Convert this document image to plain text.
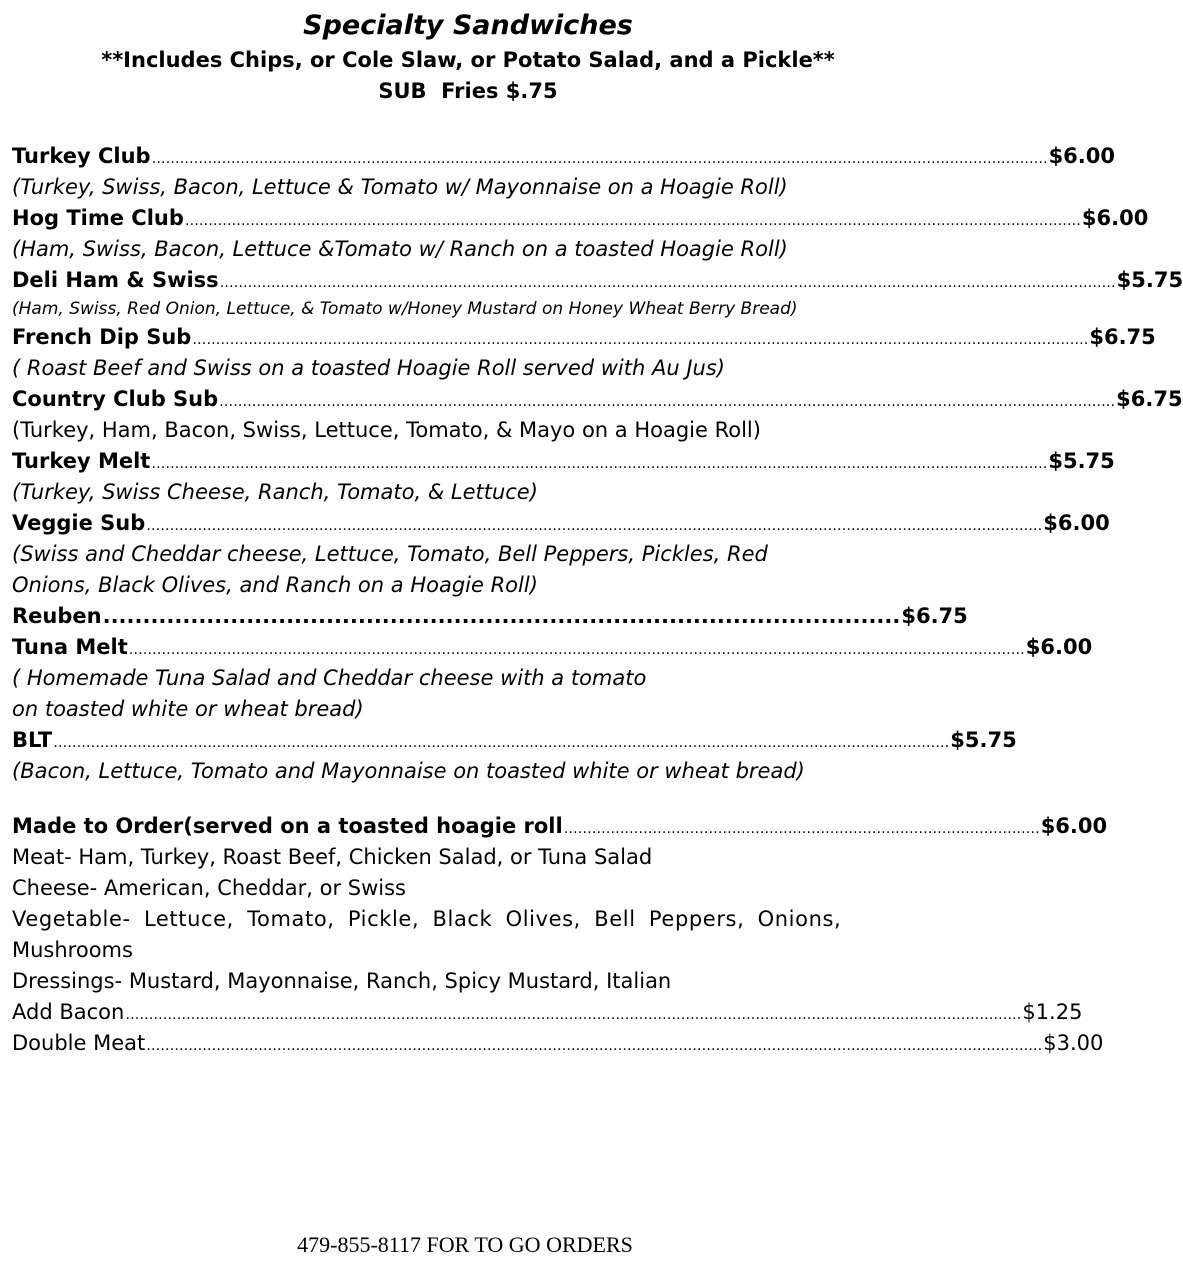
Specialty Sandwiches
**Includes Chips, or Cole Slaw, or Potato Salad, and a Pickle**
SUB  Fries $.75
Turkey Club ………………………………………………………………………………………………………………………………………………………………………… $6.00
(Turkey, Swiss, Bacon, Lettuce & Tomato w/ Mayonnaise on a Hoagie Roll)
Hog Time Club ………………………………………………………………………………………………………………………………………………………………………… $6.00
(Ham, Swiss, Bacon, Lettuce &Tomato w/ Ranch on a toasted Hoagie Roll)
Deli Ham & Swiss ………………………………………………………………………………………………………………………………………………………………………… $5.75
(Ham, Swiss, Red Onion, Lettuce, & Tomato w/Honey Mustard on Honey Wheat Berry Bread)
French Dip Sub ………………………………………………………………………………………………………………………………………………………………………… $6.75
( Roast Beef and Swiss on a toasted Hoagie Roll served with Au Jus)
Country Club Sub ………………………………………………………………………………………………………………………………………………………………………… $6.75
(Turkey, Ham, Bacon, Swiss, Lettuce, Tomato, & Mayo on a Hoagie Roll)
Turkey Melt ………………………………………………………………………………………………………………………………………………………………………… $5.75
(Turkey, Swiss Cheese, Ranch, Tomato, & Lettuce)
Veggie Sub ………………………………………………………………………………………………………………………………………………………………………… $6.00
(Swiss and Cheddar cheese, Lettuce, Tomato, Bell Peppers, Pickles, Red
Onions, Black Olives, and Ranch on a Hoagie Roll)
Reuben .................................................................................................... $6.75
Tuna Melt ………………………………………………………………………………………………………………………………………………………………………… $6.00
( Homemade Tuna Salad and Cheddar cheese with a tomato
on toasted white or wheat bread)
BLT ………………………………………………………………………………………………………………………………………………………………………… $5.75
(Bacon, Lettuce, Tomato and Mayonnaise on toasted white or wheat bread)
Made to Order(served on a toasted hoagie roll ………………………………………………………………………………………… $6.00
Meat- Ham, Turkey, Roast Beef, Chicken Salad, or Tuna Salad
Cheese- American, Cheddar, or Swiss
Vegetable- Lettuce, Tomato, Pickle, Black Olives, Bell Peppers, Onions,
Mushrooms
Dressings- Mustard, Mayonnaise, Ranch, Spicy Mustard, Italian
Add Bacon ………………………………………………………………………………………………………………………………………………………………………… $1.25
Double Meat ………………………………………………………………………………………………………………………………………………………………………… $3.00
479-855-8117 FOR TO GO ORDERS
